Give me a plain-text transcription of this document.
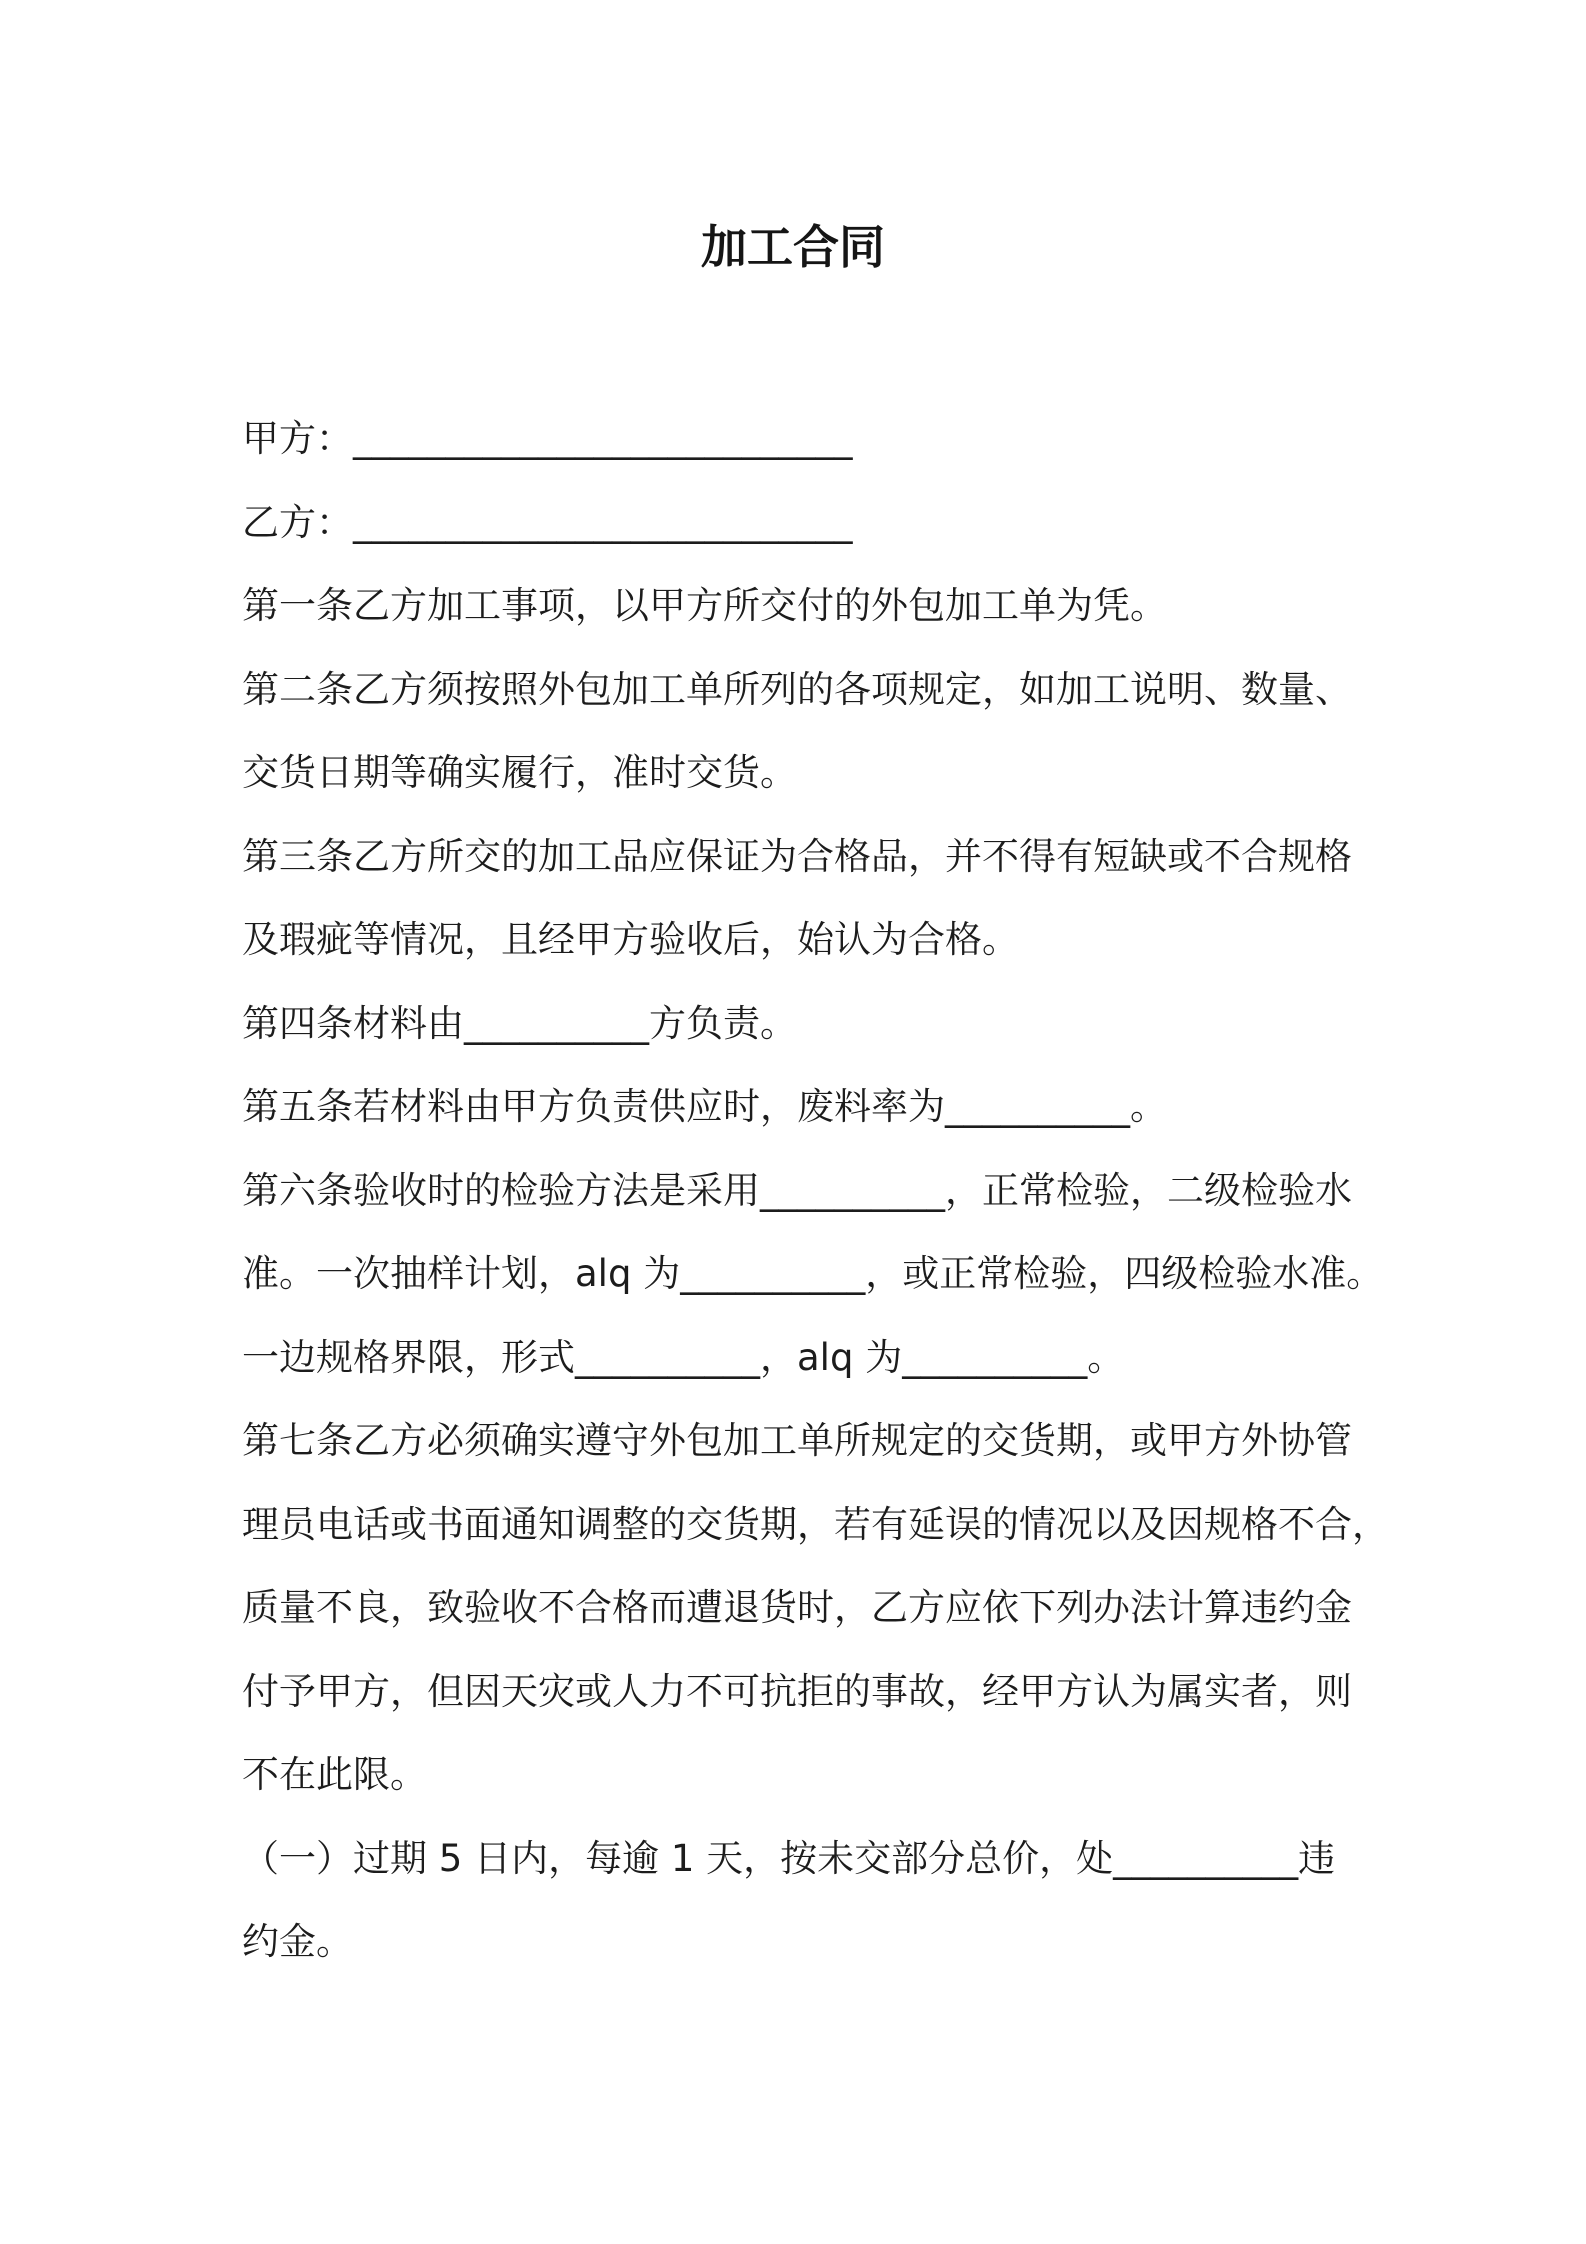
加工合同
甲方：___________________________
乙方：___________________________
第一条乙方加工事项，以甲方所交付的外包加工单为凭。
第二条乙方须按照外包加工单所列的各项规定，如加工说明、数量、
交货日期等确实履行，准时交货。
第三条乙方所交的加工品应保证为合格品，并不得有短缺或不合规格
及瑕疵等情况，且经甲方验收后，始认为合格。
第四条材料由__________方负责。
第五条若材料由甲方负责供应时，废料率为__________。
第六条验收时的检验方法是采用__________，正常检验，二级检验水
准。一次抽样计划，alq 为__________，或正常检验，四级检验水准。
一边规格界限，形式__________，alq 为__________。
第七条乙方必须确实遵守外包加工单所规定的交货期，或甲方外协管
理员电话或书面通知调整的交货期，若有延误的情况以及因规格不合，
质量不良，致验收不合格而遭退货时，乙方应依下列办法计算违约金
付予甲方，但因天灾或人力不可抗拒的事故，经甲方认为属实者，则
不在此限。
（一）过期 5 日内，每逾 1 天，按未交部分总价，处__________违
约金。
